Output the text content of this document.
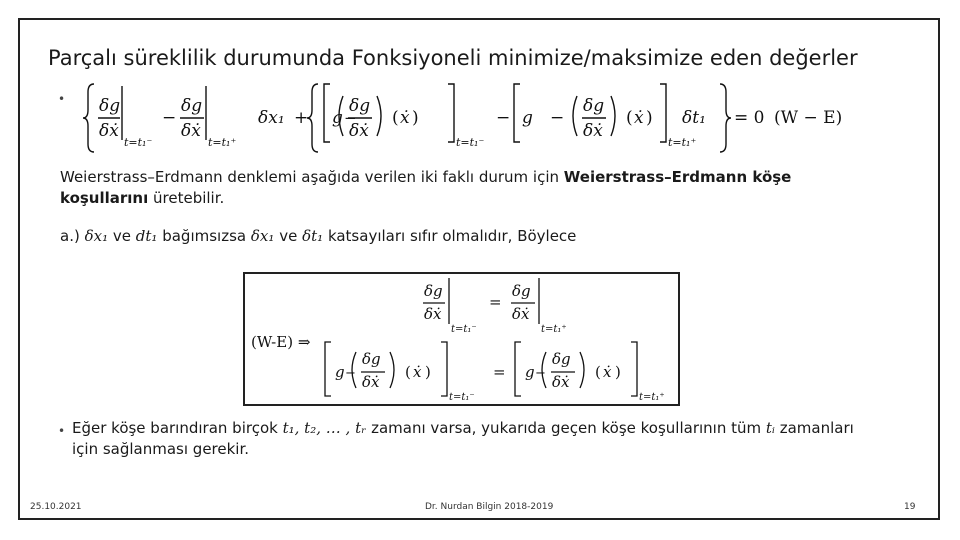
Parçalı süreklilik durumunda Fonksiyoneli minimize/maksimize eden değerler
• δg
δẋ
t=t₁⁻
−
δg
δẋ
t=t₁⁺
δx₁ + g −
δg
δẋ
( ẋ )
t=t₁⁻
− g −
δg
δẋ
( ẋ )
t=t₁⁺
δt₁ = 0 (W − E)
Weierstrass–Erdmann denklemi aşağıda verilen iki faklı durum için Weierstrass–Erdmann köşe koşullarını üretebilir.
a.) δx₁ ve dt₁ bağımsızsa δx₁ ve δt₁ katsayıları sıfır olmalıdır, Böylece
(W-E) ⇒
δg
δẋ
t=t₁⁻
=
δg
δẋ
t=t₁⁺
g −
δg
δẋ
( ẋ )
t=t₁⁻
= g −
δg
δẋ
( ẋ )
t=t₁⁺
• Eğer köşe barındıran birçok t₁, t₂, … , tᵣ zamanı varsa, yukarıda geçen köşe koşullarının tüm tᵢ zamanları için sağlanması gerekir.
25.10.2021	Dr. Nurdan Bilgin 2018-2019	19
